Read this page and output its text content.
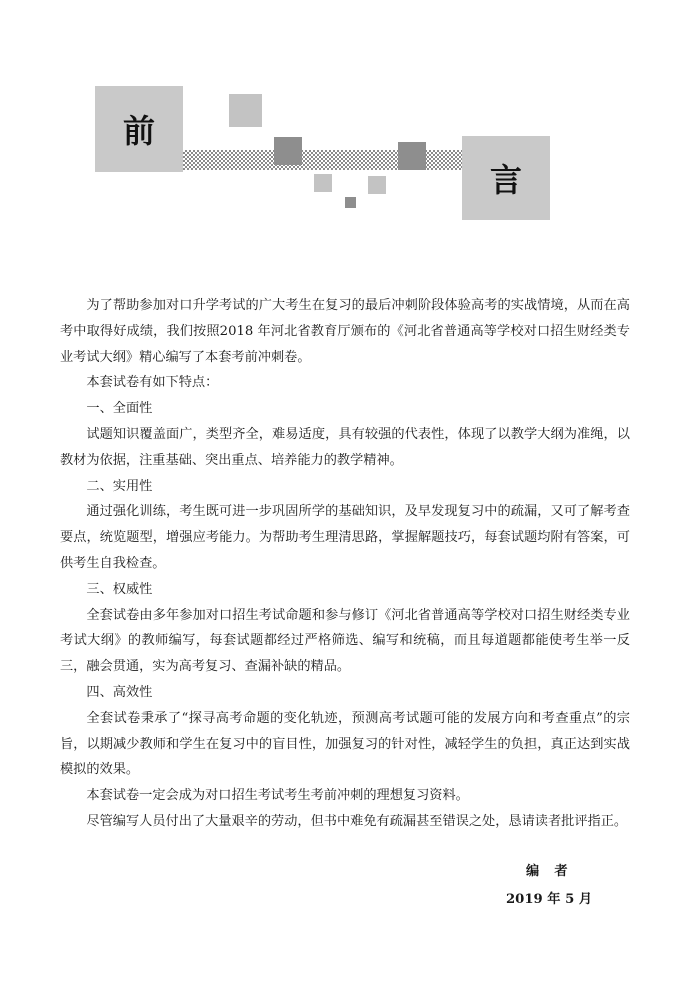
前
言

为了帮助参加对口升学考试的广大考生在复习的最后冲刺阶段体验高考的实战情境，从而在高考中取得好成绩，我们按照2018 年河北省教育厅颁布的《河北省普通高等学校对口招生财经类专业考试大纲》精心编写了本套考前冲刺卷。

本套试卷有如下特点：

一、全面性

试题知识覆盖面广，类型齐全，难易适度，具有较强的代表性，体现了以教学大纲为准绳，以教材为依据，注重基础、突出重点、培养能力的教学精神。

二、实用性

通过强化训练，考生既可进一步巩固所学的基础知识，及早发现复习中的疏漏，又可了解考查要点，统览题型，增强应考能力。为帮助考生理清思路，掌握解题技巧，每套试题均附有答案，可供考生自我检查。

三、权威性

全套试卷由多年参加对口招生考试命题和参与修订《河北省普通高等学校对口招生财经类专业考试大纲》的教师编写，每套试题都经过严格筛选、编写和统稿，而且每道题都能使考生举一反三，融会贯通，实为高考复习、查漏补缺的精品。

四、高效性

全套试卷秉承了“探寻高考命题的变化轨迹，预测高考试题可能的发展方向和考查重点”的宗旨，以期减少教师和学生在复习中的盲目性，加强复习的针对性，减轻学生的负担，真正达到实战模拟的效果。

本套试卷一定会成为对口招生考试考生考前冲刺的理想复习资料。

尽管编写人员付出了大量艰辛的劳动，但书中难免有疏漏甚至错误之处，恳请读者批评指正。

编　者
2019 年 5 月
